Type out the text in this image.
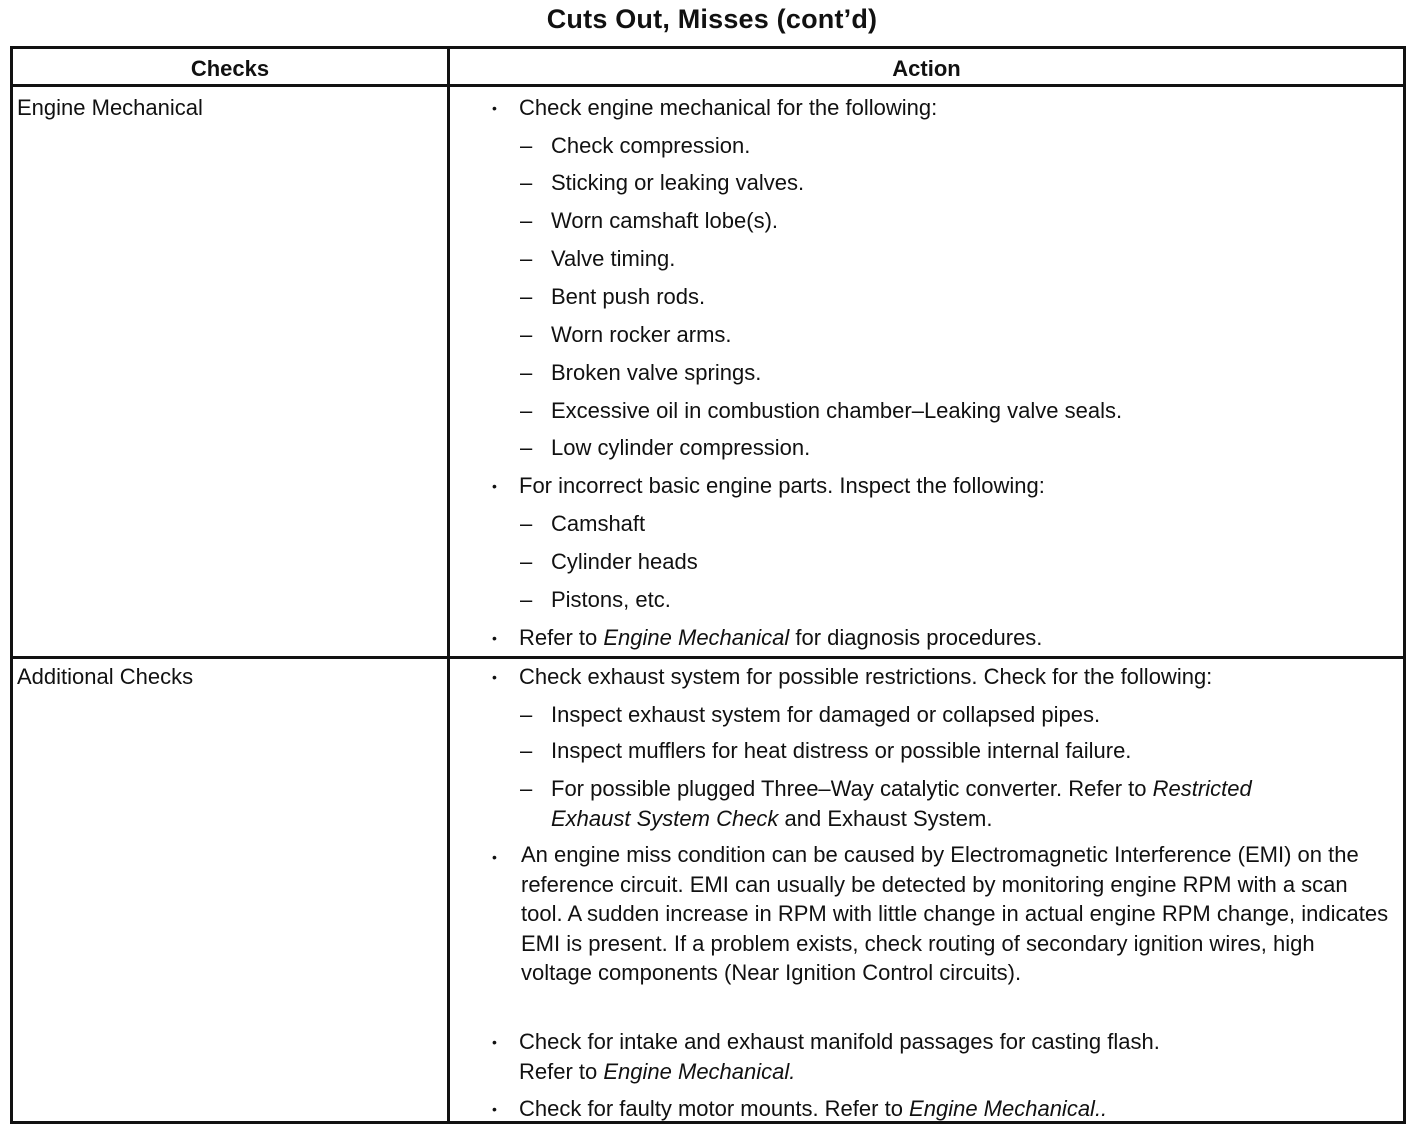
Cuts Out, Misses (cont’d)
Checks	Action
Engine Mechanical	• Check engine mechanical for the following:
– Check compression.
– Sticking or leaking valves.
– Worn camshaft lobe(s).
– Valve timing.
– Bent push rods.
– Worn rocker arms.
– Broken valve springs.
– Excessive oil in combustion chamber–Leaking valve seals.
– Low cylinder compression.
• For incorrect basic engine parts. Inspect the following:
– Camshaft
– Cylinder heads
– Pistons, etc.
• Refer to Engine Mechanical for diagnosis procedures.
Additional Checks	• Check exhaust system for possible restrictions. Check for the following:
– Inspect exhaust system for damaged or collapsed pipes.
– Inspect mufflers for heat distress or possible internal failure.
– For possible plugged Three–Way catalytic converter. Refer to Restricted
Exhaust System Check and Exhaust System.
• An engine miss condition can be caused by Electromagnetic Interference (EMI) on the reference circuit. EMI can usually be detected by monitoring engine RPM with a scan tool. A sudden increase in RPM with little change in actual engine RPM change, indicates EMI is present. If a problem exists, check routing of secondary ignition wires, high voltage components (Near Ignition Control circuits).
• Check for intake and exhaust manifold passages for casting flash.
Refer to Engine Mechanical.
• Check for faulty motor mounts. Refer to Engine Mechanical..
